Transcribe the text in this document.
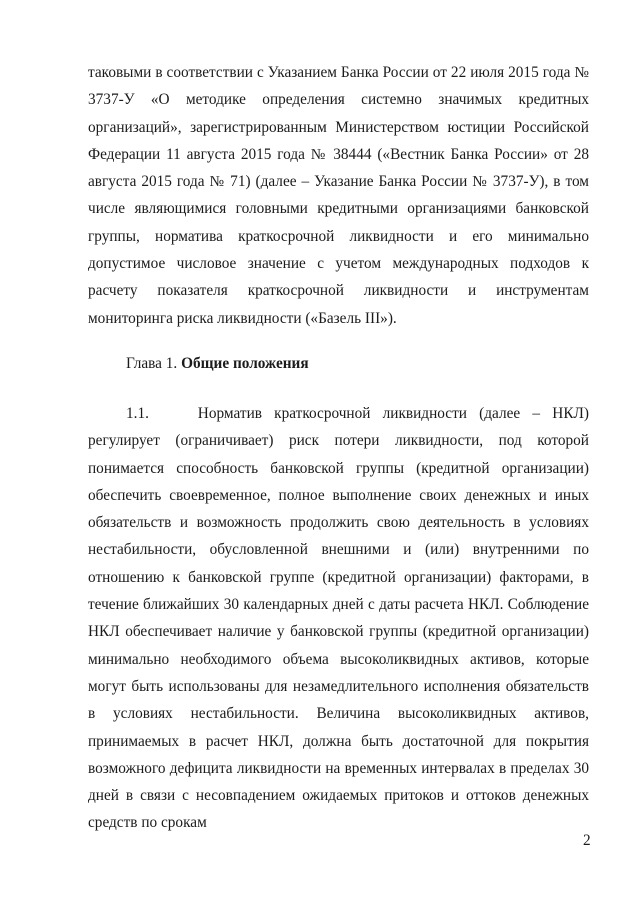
таковыми в соответствии с Указанием Банка России от 22 июля 2015 года № 3737-У «О методике определения системно значимых кредитных организаций», зарегистрированным Министерством юстиции Российской Федерации 11 августа 2015 года № 38444 («Вестник Банка России» от 28 августа 2015 года № 71) (далее – Указание Банка России № 3737-У), в том числе являющимися головными кредитными организациями банковской группы, норматива краткосрочной ликвидности и его минимально допустимое числовое значение с учетом международных подходов к расчету показателя краткосрочной ликвидности и инструментам мониторинга риска ликвидности («Базель III»).

Глава 1. Общие положения

1.1.    Норматив краткосрочной ликвидности (далее – НКЛ) регулирует (ограничивает) риск потери ликвидности, под которой понимается способность банковской группы (кредитной организации) обеспечить своевременное, полное выполнение своих денежных и иных обязательств и возможность продолжить свою деятельность в условиях нестабильности, обусловленной внешними и (или) внутренними по отношению к банковской группе (кредитной организации) факторами, в течение ближайших 30 календарных дней с даты расчета НКЛ. Соблюдение НКЛ обеспечивает наличие у банковской группы (кредитной организации) минимально необходимого объема высоколиквидных активов, которые могут быть использованы для незамедлительного исполнения обязательств в условиях нестабильности. Величина высоколиквидных активов, принимаемых в расчет НКЛ, должна быть достаточной для покрытия возможного дефицита ликвидности на временных интервалах в пределах 30 дней в связи с несовпадением ожидаемых притоков и оттоков денежных средств по срокам

2
